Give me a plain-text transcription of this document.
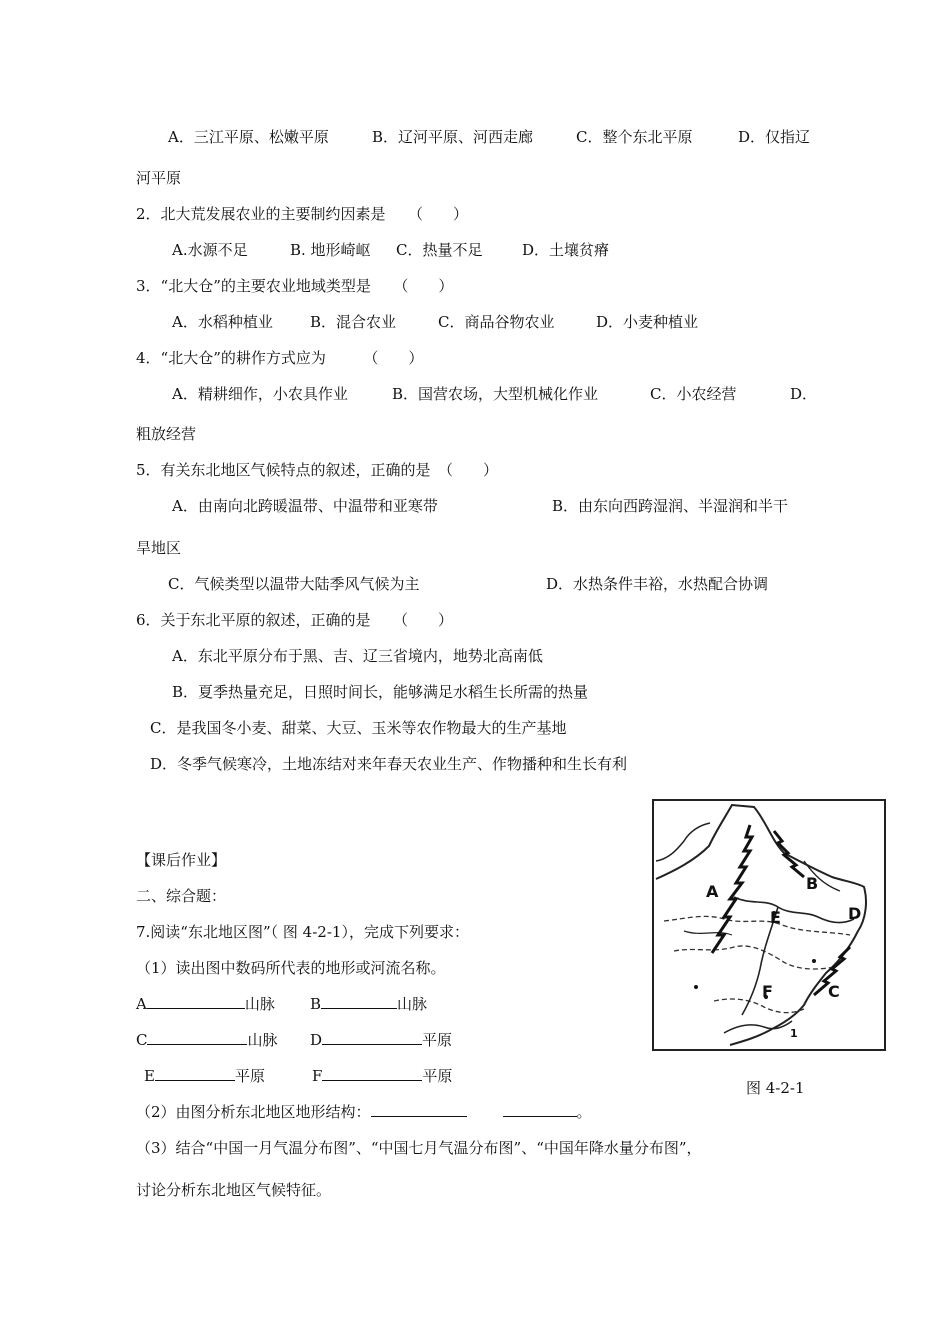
A．三江平原、松嫩平原	B．辽河平原、河西走廊	C．整个东北平原	D．仅指辽
河平原
2．北大荒发展农业的主要制约因素是　　（　　）
A.水源不足	B. 地形崎岖 C．热量不足	D．土壤贫瘠
3．“北大仓”的主要农业地域类型是　　（　　）
A．水稻种植业 B．混合农业	C．商品谷物农业	D．小麦种植业
4．“北大仓”的耕作方式应为　　　（　　）
A．精耕细作，小农具作业	B．国营农场，大型机械化作业	C．小农经营	D．
粗放经营
5．有关东北地区气候特点的叙述，正确的是　（　　）
A．由南向北跨暖温带、中温带和亚寒带	B．由东向西跨湿润、半湿润和半干
旱地区
C．气候类型以温带大陆季风气候为主	D．水热条件丰裕，水热配合协调
6．关于东北平原的叙述，正确的是　　（　　）
A．东北平原分布于黑、吉、辽三省境内，地势北高南低
B．夏季热量充足，日照时间长，能够满足水稻生长所需的热量
C．是我国冬小麦、甜菜、大豆、玉米等农作物最大的生产基地
D．冬季气候寒冷，土地冻结对来年春天农业生产、作物播种和生长有利
【课后作业】
二、综合题：
7.阅读“东北地区图”（ 图 4-2-1），完成下列要求：
（1）读出图中数码所代表的地形或河流名称。
A	山脉 B	山脉
C	山脉 D	平原
E	平原	F	平原
（2）由图分析东北地区地形结构：	。
（3）结合“中国一月气温分布图”、“中国七月气温分布图”、“中国年降水量分布图”，
讨论分析东北地区气候特征。
A	B
C
D
E
F
1
图 4-2-1
